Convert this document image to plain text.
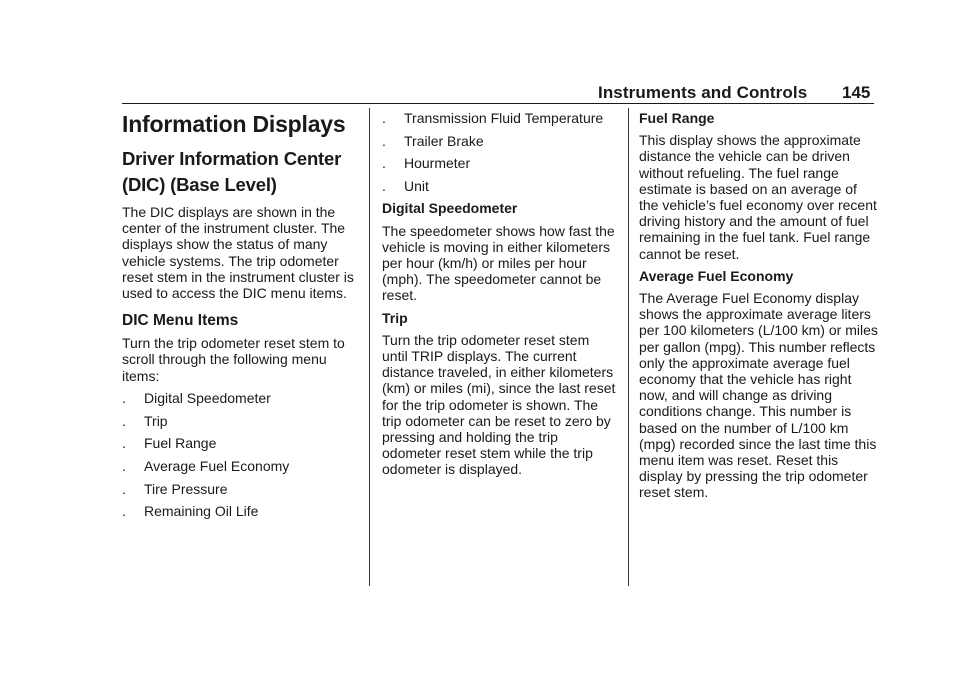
Instruments and Controls 145
Information Displays
Driver Information Center (DIC) (Base Level)

The DIC displays are shown in the center of the instrument cluster. The displays show the status of many vehicle systems. The trip odometer reset stem in the instrument cluster is used to access the DIC menu items.

DIC Menu Items

Turn the trip odometer reset stem to scroll through the following menu items:

. Digital Speedometer
. Trip
. Fuel Range
. Average Fuel Economy
. Tire Pressure
. Remaining Oil Life
. Transmission Fluid Temperature
. Trailer Brake
. Hourmeter
. Unit
Digital Speedometer

The speedometer shows how fast the vehicle is moving in either kilometers per hour (km/h) or miles per hour (mph). The speedometer cannot be reset.

Trip

Turn the trip odometer reset stem until TRIP displays. The current distance traveled, in either kilometers (km) or miles (mi), since the last reset for the trip odometer is shown. The trip odometer can be reset to zero by pressing and holding the trip odometer reset stem while the trip odometer is displayed.

Fuel Range

This display shows the approximate distance the vehicle can be driven without refueling. The fuel range estimate is based on an average of the vehicle’s fuel economy over recent driving history and the amount of fuel remaining in the fuel tank. Fuel range cannot be reset.

Average Fuel Economy

The Average Fuel Economy display shows the approximate average liters per 100 kilometers (L/100 km) or miles per gallon (mpg). This number reflects only the approximate average fuel economy that the vehicle has right now, and will change as driving conditions change. This number is based on the number of L/100 km (mpg) recorded since the last time this menu item was reset. Reset this display by pressing the trip odometer reset stem.
